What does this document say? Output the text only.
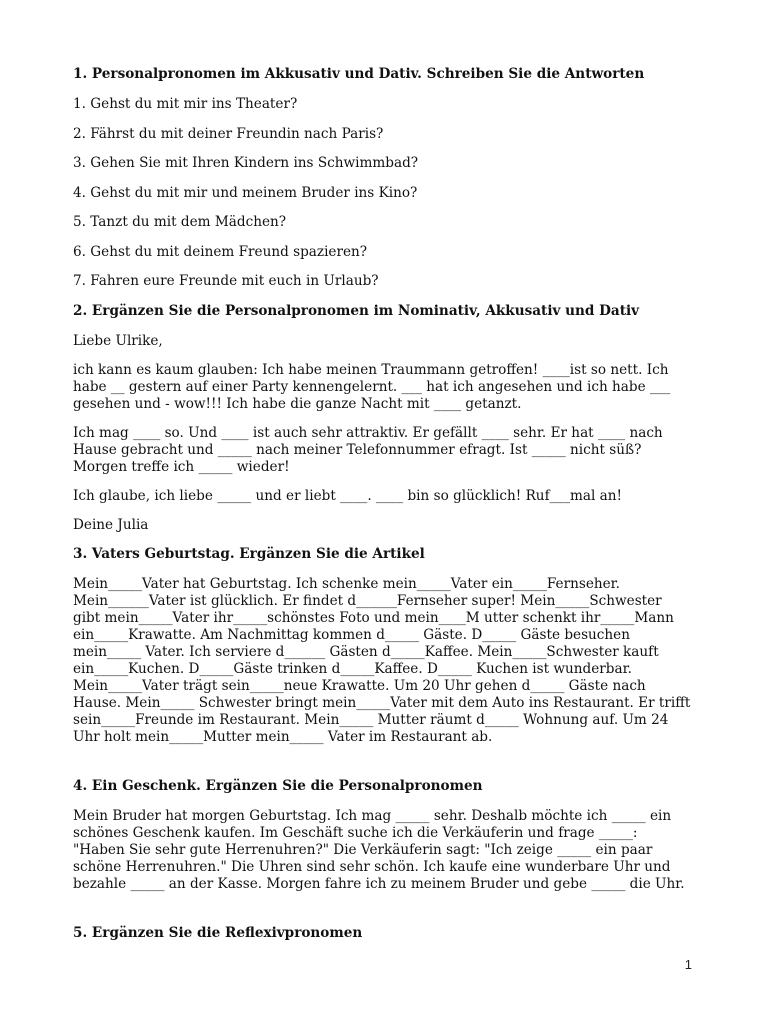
1. Personalpronomen im Akkusativ und Dativ. Schreiben Sie die Antworten

1. Gehst du mit mir ins Theater?

2. Fährst du mit deiner Freundin nach Paris?

3. Gehen Sie mit Ihren Kindern ins Schwimmbad?

4. Gehst du mit mir und meinem Bruder ins Kino?

5. Tanzt du mit dem Mädchen?

6. Gehst du mit deinem Freund spazieren?

7. Fahren eure Freunde mit euch in Urlaub?

2. Ergänzen Sie die Personalpronomen im Nominativ, Akkusativ und Dativ

Liebe Ulrike,

ich kann es kaum glauben: Ich habe meinen Traummann getroffen! ____ist so nett. Ich habe __ gestern auf einer Party kennengelernt. ___ hat ich angesehen und ich habe ___ gesehen und - wow!!! Ich habe die ganze Nacht mit ____ getanzt.

Ich mag ____ so. Und ____ ist auch sehr attraktiv. Er gefällt ____ sehr. Er hat ____ nach Hause gebracht und _____ nach meiner Telefonnummer efragt. Ist _____ nicht süß? Morgen treffe ich _____ wieder!

Ich glaube, ich liebe _____ und er liebt ____. ____ bin so glücklich! Ruf___mal an!

Deine Julia

3. Vaters Geburtstag. Ergänzen Sie die Artikel

Mein_____Vater hat Geburtstag. Ich schenke mein_____Vater ein_____Fernseher. Mein______Vater ist glücklich. Er findet d______Fernseher super! Mein_____Schwester gibt mein_____Vater ihr_____schönstes Foto und mein____M utter schenkt ihr_____Mann ein_____Krawatte. Am Nachmittag kommen d_____ Gäste. D_____ Gäste besuchen mein_____ Vater. Ich serviere d______ Gästen d_____Kaffee. Mein_____Schwester kauft ein_____Kuchen. D_____Gäste trinken d_____Kaffee. D_____ Kuchen ist wunderbar. Mein_____Vater trägt sein_____neue Krawatte. Um 20 Uhr gehen d_____ Gäste nach Hause. Mein_____ Schwester bringt mein_____Vater mit dem Auto ins Restaurant. Er trifft sein_____Freunde im Restaurant. Mein_____ Mutter räumt d_____ Wohnung auf. Um 24 Uhr holt mein_____Mutter mein_____ Vater im Restaurant ab.

4. Ein Geschenk. Ergänzen Sie die Personalpronomen

Mein Bruder hat morgen Geburtstag. Ich mag _____ sehr. Deshalb möchte ich _____ ein schönes Geschenk kaufen. Im Geschäft suche ich die Verkäuferin und frage _____: "Haben Sie sehr gute Herrenuhren?" Die Verkäuferin sagt: "Ich zeige _____ ein paar schöne Herrenuhren." Die Uhren sind sehr schön. Ich kaufe eine wunderbare Uhr und bezahle _____ an der Kasse. Morgen fahre ich zu meinem Bruder und gebe _____ die Uhr.

5. Ergänzen Sie die Reflexivpronomen
1
